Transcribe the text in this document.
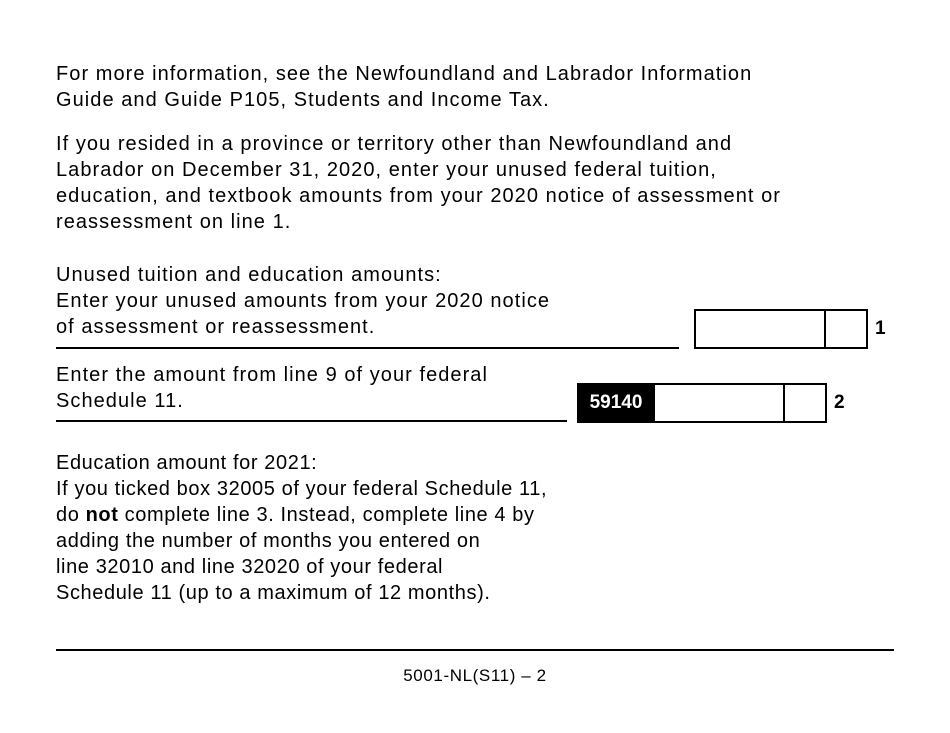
For more information, see the Newfoundland and Labrador Information
Guide and Guide P105, Students and Income Tax.
If you resided in a province or territory other than Newfoundland and
Labrador on December 31, 2020, enter your unused federal tuition,
education, and textbook amounts from your 2020 notice of assessment or
reassessment on line 1.
Unused tuition and education amounts:
Enter your unused amounts from your 2020 notice
of assessment or reassessment.	1
Enter the amount from line 9 of your federal
Schedule 11.	59140	2
Education amount for 2021:
If you ticked box 32005 of your federal Schedule 11,
do not complete line 3. Instead, complete line 4 by
adding the number of months you entered on
line 32010 and line 32020 of your federal
Schedule 11 (up to a maximum of 12 months).
5001-NL(S11) – 2
